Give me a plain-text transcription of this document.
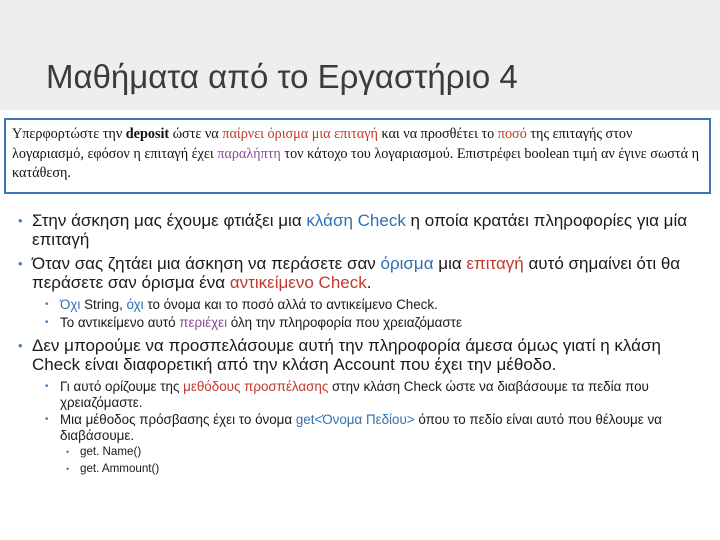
Μαθήματα από το Εργαστήριο 4
Υπερφορτώστε την deposit ώστε να παίρνει όρισμα μια επιταγή και να προσθέτει το ποσό της επιταγής στον λογαριασμό, εφόσον η επιταγή έχει παραλήπτη τον κάτοχο του λογαριασμού. Επιστρέφει boolean τιμή αν έγινε σωστά η κατάθεση.
• Στην άσκηση μας έχουμε φτιάξει μια κλάση Check η οποία κρατάει πληροφορίες για μία επιταγή
• Όταν σας ζητάει μια άσκηση να περάσετε σαν όρισμα μια επιταγή αυτό σημαίνει ότι θα περάσετε σαν όρισμα ένα αντικείμενο Check.
• Όχι String, όχι το όνομα και το ποσό αλλά το αντικείμενο Check.
• Το αντικείμενο αυτό περιέχει όλη την πληροφορία που χρειαζόμαστε
• Δεν μπορούμε να προσπελάσουμε αυτή την πληροφορία άμεσα όμως γιατί η κλάση Check είναι διαφορετική από την κλάση Account που έχει την μέθοδο.
• Γι αυτό ορίζουμε της μεθόδους προσπέλασης στην κλάση Check ώστε να διαβάσουμε τα πεδία που χρειαζόμαστε.
• Μια μέθοδος πρόσβασης έχει το όνομα get<Όνομα Πεδίου> όπου το πεδίο είναι αυτό που θέλουμε να διαβάσουμε.
• get. Name()
• get. Ammount()
